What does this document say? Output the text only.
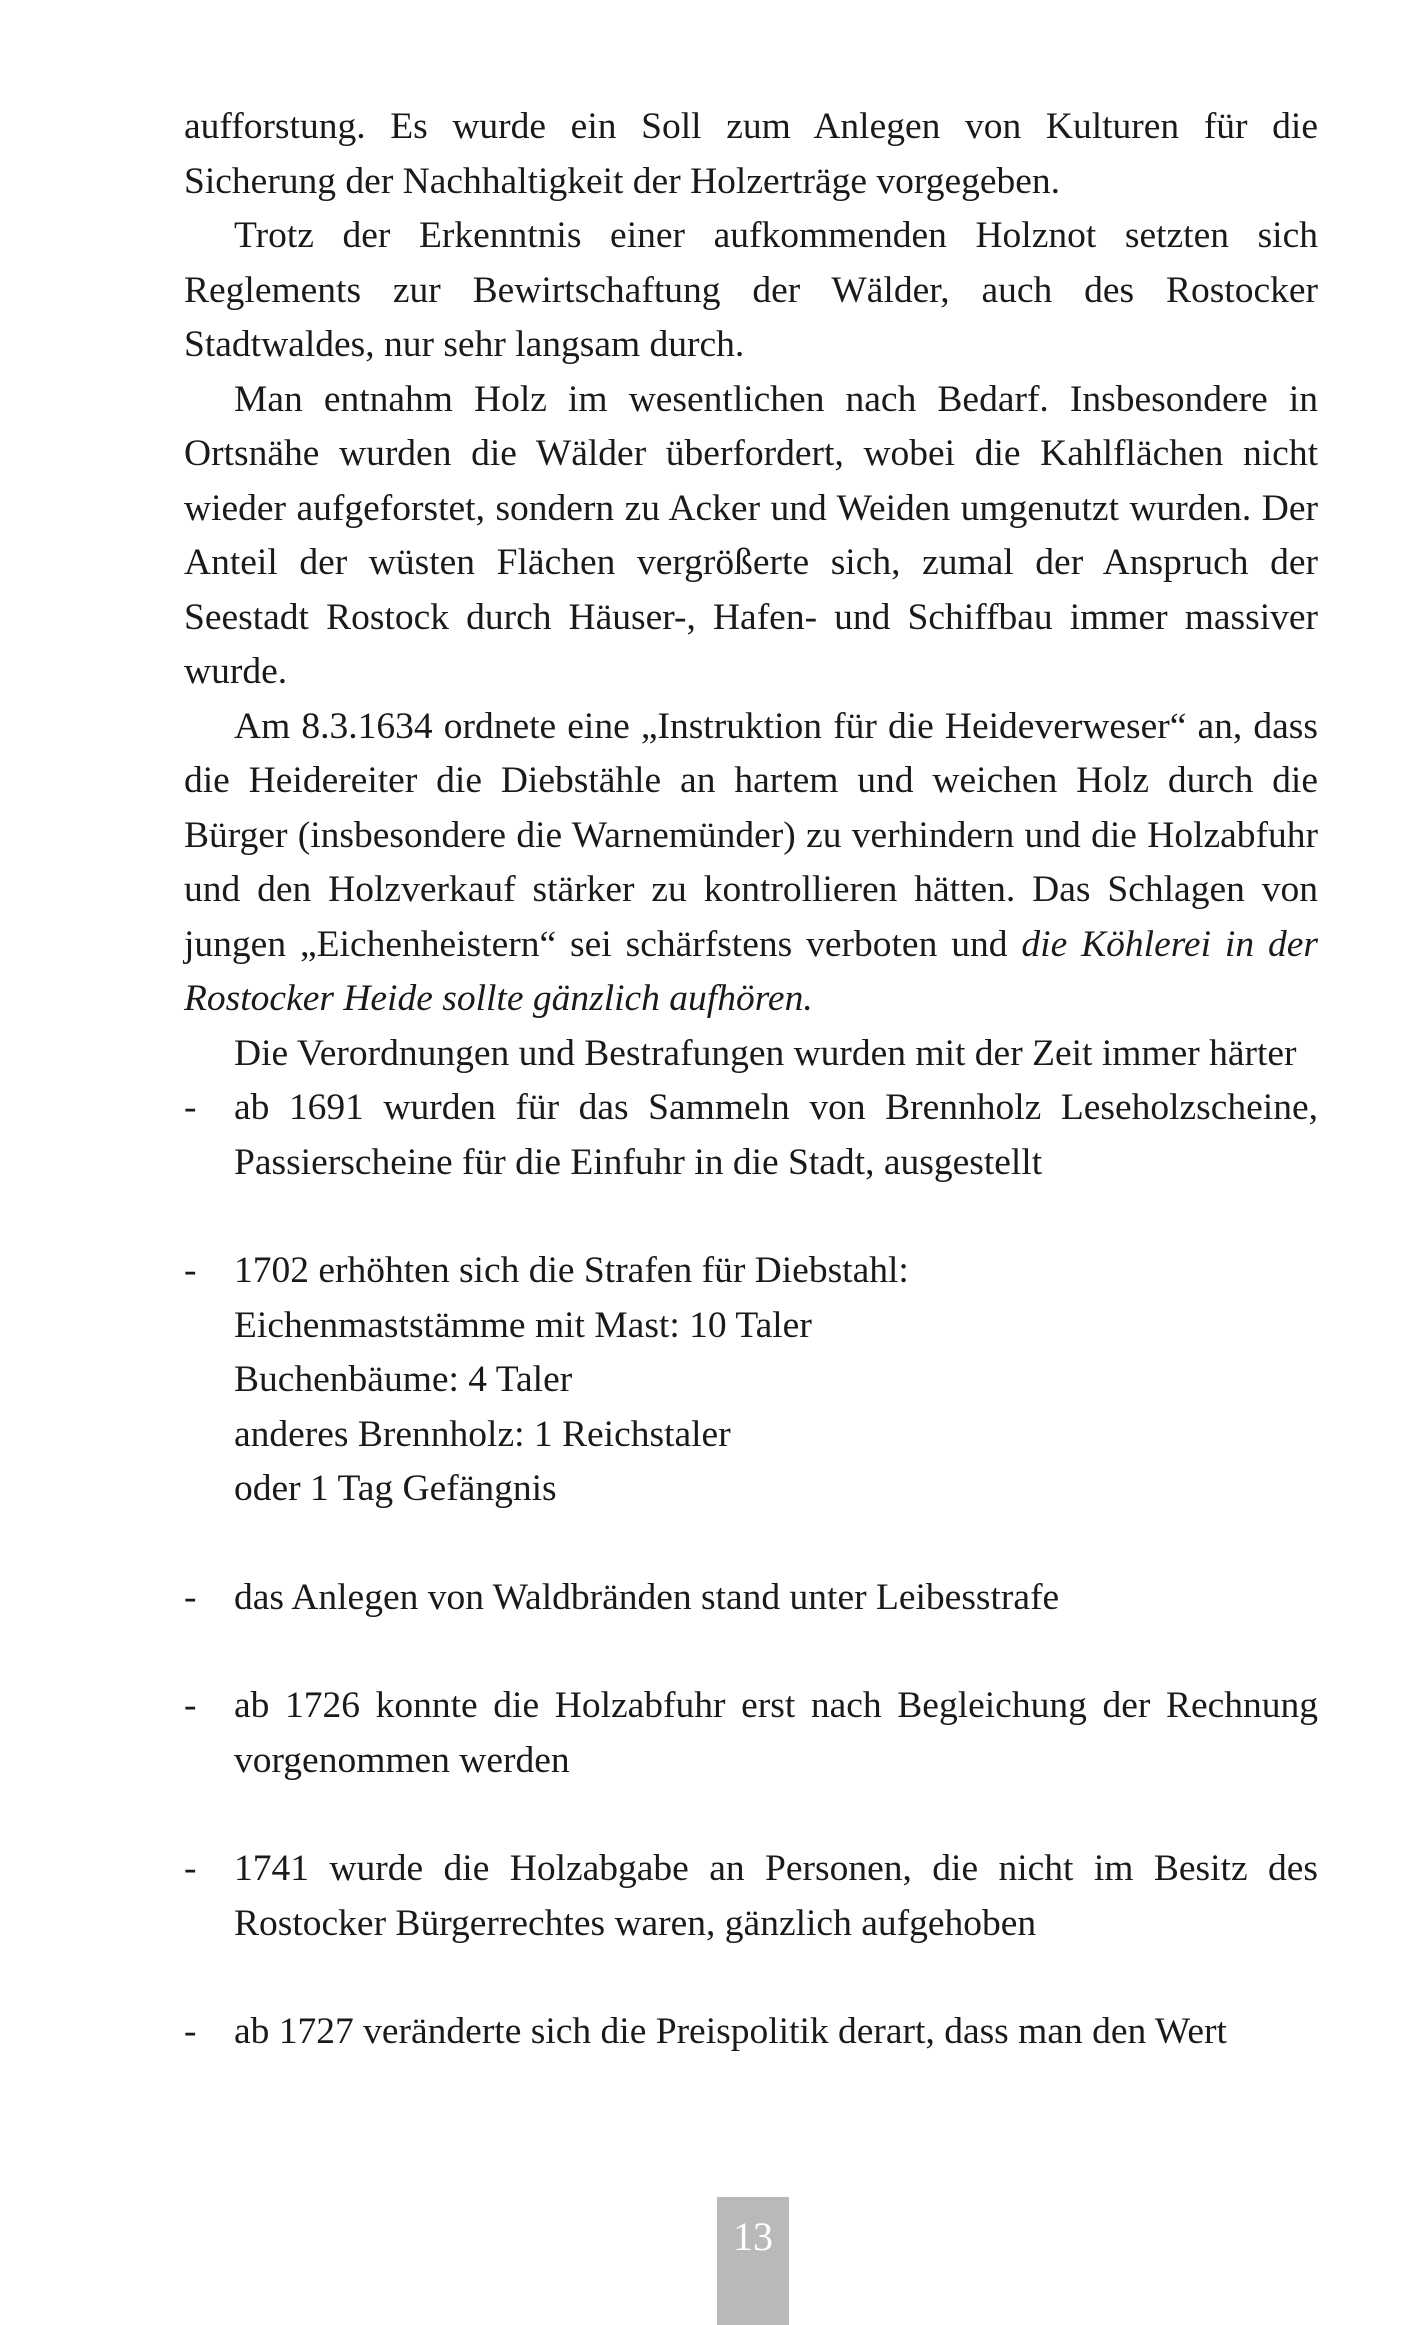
aufforstung. Es wurde ein Soll zum Anlegen von Kulturen für die Sicherung der Nachhaltigkeit der Holzerträge vorgegeben.

Trotz der Erkenntnis einer aufkommenden Holznot setzten sich Reglements zur Bewirtschaftung der Wälder, auch des Rostocker Stadtwaldes, nur sehr langsam durch.

Man entnahm Holz im wesentlichen nach Bedarf. Insbesondere in Ortsnähe wurden die Wälder überfordert, wobei die Kahlflächen nicht wieder aufgeforstet, sondern zu Acker und Weiden umgenutzt wurden. Der Anteil der wüsten Flächen vergrößerte sich, zumal der Anspruch der Seestadt Rostock durch Häuser-, Hafen- und Schiffbau immer massiver wurde.

Am 8.3.1634 ordnete eine „Instruktion für die Heideverweser“ an, dass die Heidereiter die Diebstähle an hartem und weichen Holz durch die Bürger (insbesondere die Warnemünder) zu verhindern und die Holzabfuhr und den Holzverkauf stärker zu kontrollieren hätten. Das Schlagen von jungen „Eichenheistern“ sei schärfstens verboten und die Köhlerei in der Rostocker Heide sollte gänzlich aufhören.

Die Verordnungen und Bestrafungen wurden mit der Zeit immer härter

- ab 1691 wurden für das Sammeln von Brennholz Leseholzscheine, Passierscheine für die Einfuhr in die Stadt, ausgestellt
- 1702 erhöhten sich die Strafen für Diebstahl:
Eichenmaststämme mit Mast: 10 Taler
Buchenbäume: 4 Taler
anderes Brennholz: 1 Reichstaler
oder 1 Tag Gefängnis
- das Anlegen von Waldbränden stand unter Leibesstrafe
- ab 1726 konnte die Holzabfuhr erst nach Begleichung der Rechnung vorgenommen werden
- 1741 wurde die Holzabgabe an Personen, die nicht im Besitz des Rostocker Bürgerrechtes waren, gänzlich aufgehoben
- ab 1727 veränderte sich die Preispolitik derart, dass man den Wert
13
